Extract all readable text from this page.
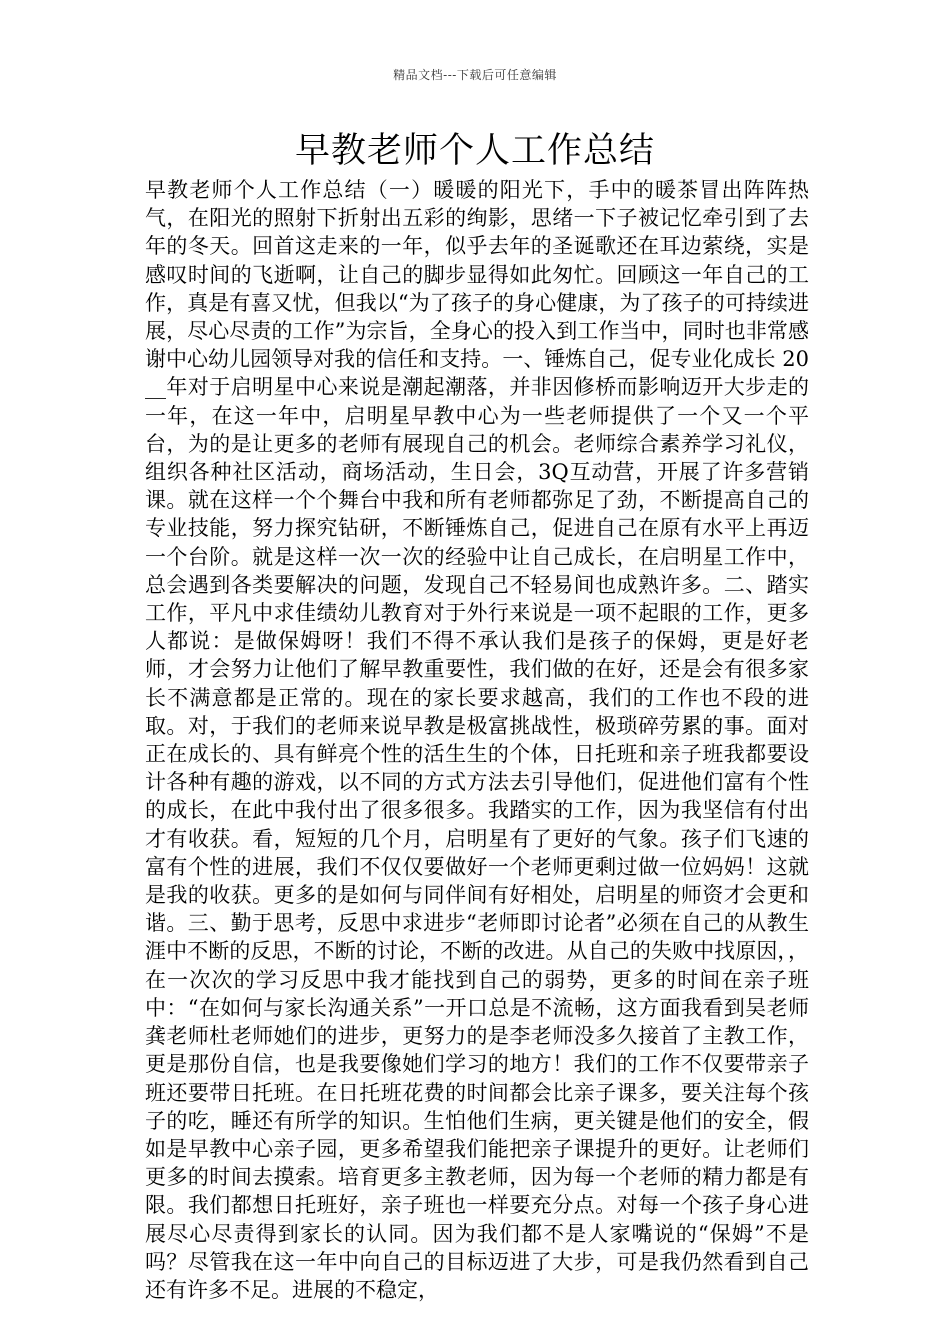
精品文档---下载后可任意编辑
早教老师个人工作总结

早教老师个人工作总结（一）暖暖的阳光下，手中的暖茶冒出阵阵热气，在阳光的照射下折射出五彩的绚影，思绪一下子被记忆牵引到了去年的冬天。回首这走来的一年，似乎去年的圣诞歌还在耳边萦绕，实是感叹时间的飞逝啊，让自己的脚步显得如此匆忙。回顾这一年自己的工作，真是有喜又忧，但我以“为了孩子的身心健康，为了孩子的可持续进展，尽心尽责的工作”为宗旨，全身心的投入到工作当中，同时也非常感谢中心幼儿园领导对我的信任和支持。一、锤炼自己，促专业化成长 20__年对于启明星中心来说是潮起潮落，并非因修桥而影响迈开大步走的一年，在这一年中，启明星早教中心为一些老师提供了一个又一个平台，为的是让更多的老师有展现自己的机会。老师综合素养学习礼仪，组织各种社区活动，商场活动，生日会，3Q互动营，开展了许多营销课。就在这样一个个舞台中我和所有老师都弥足了劲，不断提高自己的专业技能，努力探究钻研，不断锤炼自己，促进自己在原有水平上再迈一个台阶。就是这样一次一次的经验中让自己成长，在启明星工作中，总会遇到各类要解决的问题，发现自己不轻易间也成熟许多。二、踏实工作，平凡中求佳绩幼儿教育对于外行来说是一项不起眼的工作，更多人都说：是做保姆呀！我们不得不承认我们是孩子的保姆，更是好老师，才会努力让他们了解早教重要性，我们做的在好，还是会有很多家长不满意都是正常的。现在的家长要求越高，我们的工作也不段的进取。对，于我们的老师来说早教是极富挑战性，极琐碎劳累的事。面对正在成长的、具有鲜亮个性的活生生的个体，日托班和亲子班我都要设计各种有趣的游戏，以不同的方式方法去引导他们，促进他们富有个性的成长，在此中我付出了很多很多。我踏实的工作，因为我坚信有付出才有收获。看，短短的几个月，启明星有了更好的气象。孩子们飞速的富有个性的进展，我们不仅仅要做好一个老师更剩过做一位妈妈！这就是我的收获。更多的是如何与同伴间有好相处，启明星的师资才会更和谐。三、勤于思考，反思中求进步“老师即讨论者”必须在自己的从教生涯中不断的反思，不断的讨论，不断的改进。从自己的失败中找原因，，在一次次的学习反思中我才能找到自己的弱势，更多的时间在亲子班中：“在如何与家长沟通关系”一开口总是不流畅，这方面我看到吴老师龚老师杜老师她们的进步，更努力的是李老师没多久接首了主教工作，更是那份自信，也是我要像她们学习的地方！我们的工作不仅要带亲子班还要带日托班。在日托班花费的时间都会比亲子课多，要关注每个孩子的吃，睡还有所学的知识。生怕他们生病，更关键是他们的安全，假如是早教中心亲子园，更多希望我们能把亲子课提升的更好。让老师们更多的时间去摸索。培育更多主教老师，因为每一个老师的精力都是有限。我们都想日托班好，亲子班也一样要充分点。对每一个孩子身心进展尽心尽责得到家长的认同。因为我们都不是人家嘴说的“保姆”不是吗？尽管我在这一年中向自己的目标迈进了大步，可是我仍然看到自己还有许多不足。进展的不稳定，
